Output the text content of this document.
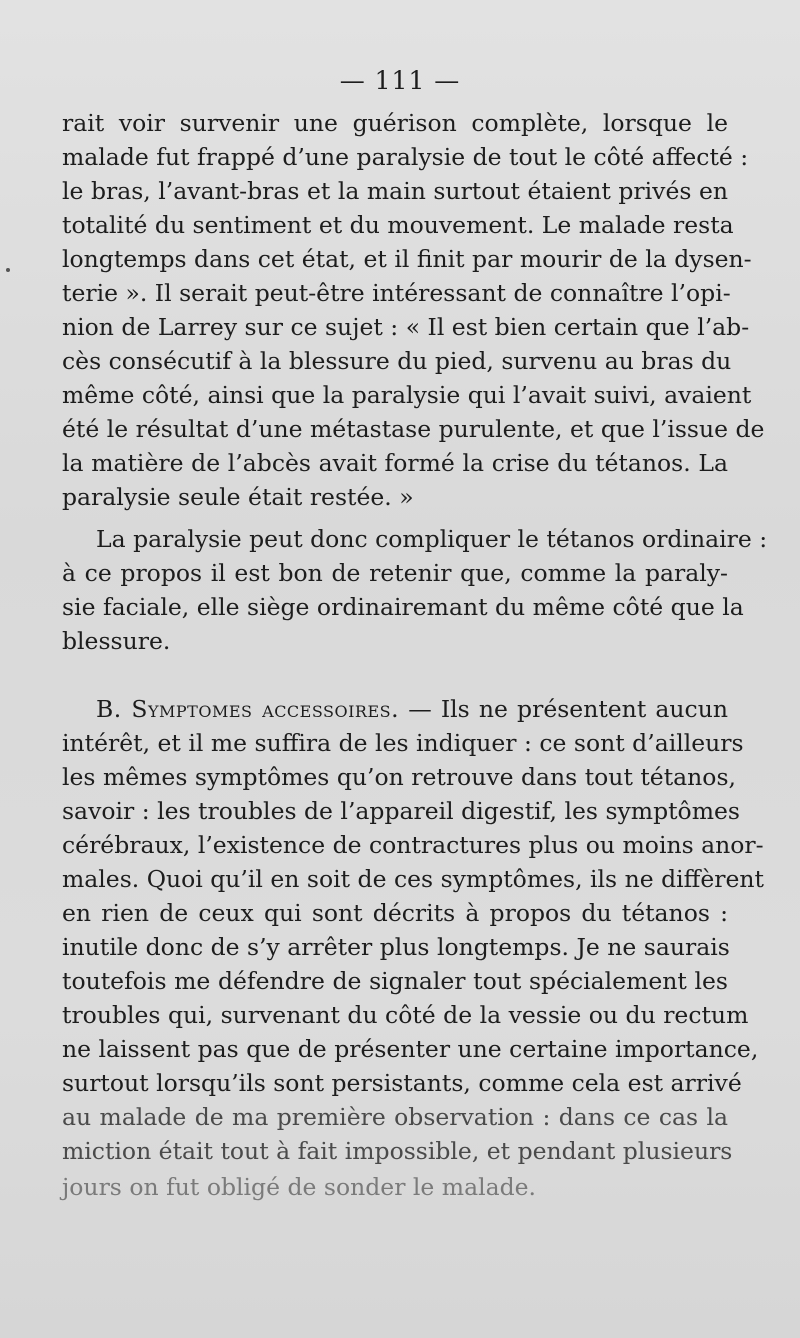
— 111 —
rait voir survenir une guérison complète, lorsque le
malade fut frappé d’une paralysie de tout le côté affecté :
le bras, l’avant-bras et la main surtout étaient privés en
totalité du sentiment et du mouvement. Le malade resta
longtemps dans cet état, et il finit par mourir de la dysen-
terie ». Il serait peut-être intéressant de connaître l’opi-
nion de Larrey sur ce sujet : « Il est bien certain que l’ab-
cès consécutif à la blessure du pied, survenu au bras du
même côté, ainsi que la paralysie qui l’avait suivi, avaient
été le résultat d’une métastase purulente, et que l’issue de
la matière de l’abcès avait formé la crise du tétanos. La
paralysie seule était restée. »
La paralysie peut donc compliquer le tétanos ordinaire :
à ce propos il est bon de retenir que, comme la paraly-
sie faciale, elle siège ordinairemant du même côté que la
blessure.
B. Symptomes accessoires. — Ils ne présentent aucun
intérêt, et il me suffira de les indiquer : ce sont d’ailleurs
les mêmes symptômes qu’on retrouve dans tout tétanos,
savoir : les troubles de l’appareil digestif, les symptômes
cérébraux, l’existence de contractures plus ou moins anor-
males. Quoi qu’il en soit de ces symptômes, ils ne diffèrent
en rien de ceux qui sont décrits à propos du tétanos :
inutile donc de s’y arrêter plus longtemps. Je ne saurais
toutefois me défendre de signaler tout spécialement les
troubles qui, survenant du côté de la vessie ou du rectum
ne laissent pas que de présenter une certaine importance,
surtout lorsqu’ils sont persistants, comme cela est arrivé
au malade de ma première observation : dans ce cas la
miction était tout à fait impossible, et pendant plusieurs
jours on fut obligé de sonder le malade.
